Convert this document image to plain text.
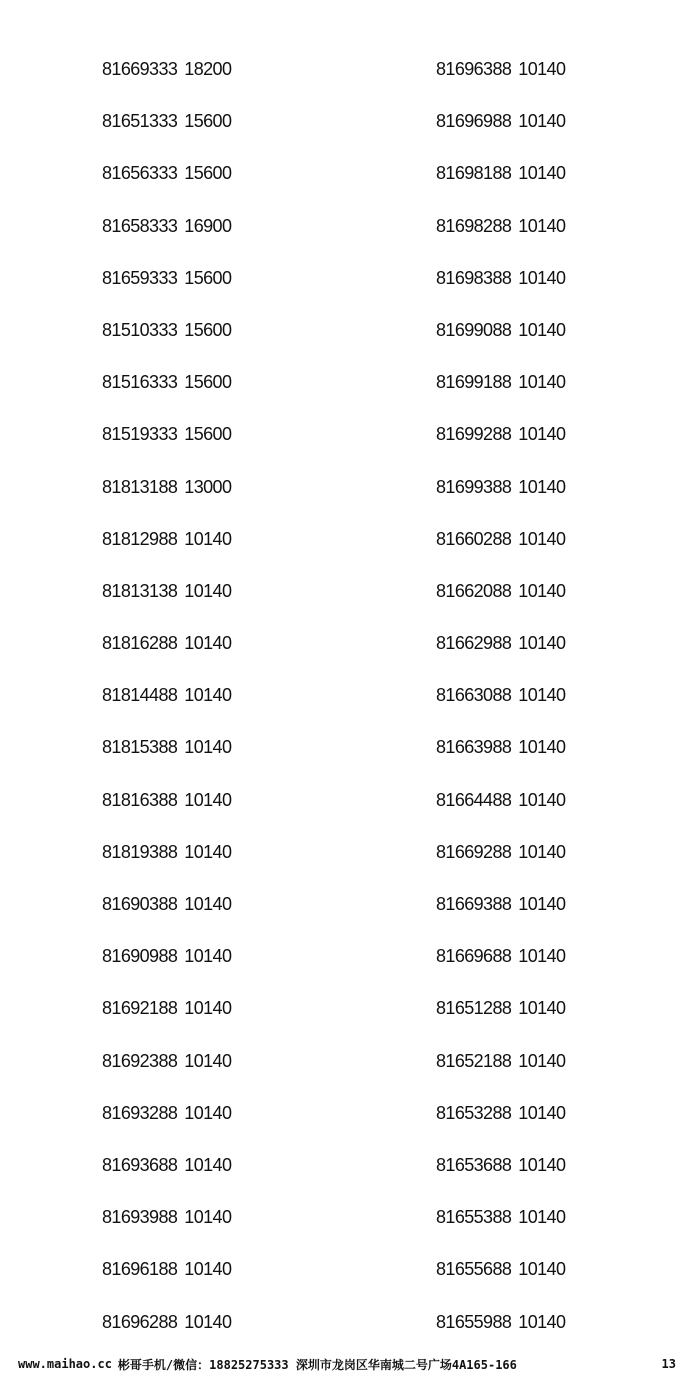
81669333 18200
81651333 15600
81656333 15600
81658333 16900
81659333 15600
81510333 15600
81516333 15600
81519333 15600
81813188 13000
81812988 10140
81813138 10140
81816288 10140
81814488 10140
81815388 10140
81816388 10140
81819388 10140
81690388 10140
81690988 10140
81692188 10140
81692388 10140
81693288 10140
81693688 10140
81693988 10140
81696188 10140
81696288 10140
81696388 10140
81696988 10140
81698188 10140
81698288 10140
81698388 10140
81699088 10140
81699188 10140
81699288 10140
81699388 10140
81660288 10140
81662088 10140
81662988 10140
81663088 10140
81663988 10140
81664488 10140
81669288 10140
81669388 10140
81669688 10140
81651288 10140
81652188 10140
81653288 10140
81653688 10140
81655388 10140
81655688 10140
81655988 10140
www.maihao.cc 彬哥手机/微信：18825275333 深圳市龙岗区华南城二号广场4A165-166	13
